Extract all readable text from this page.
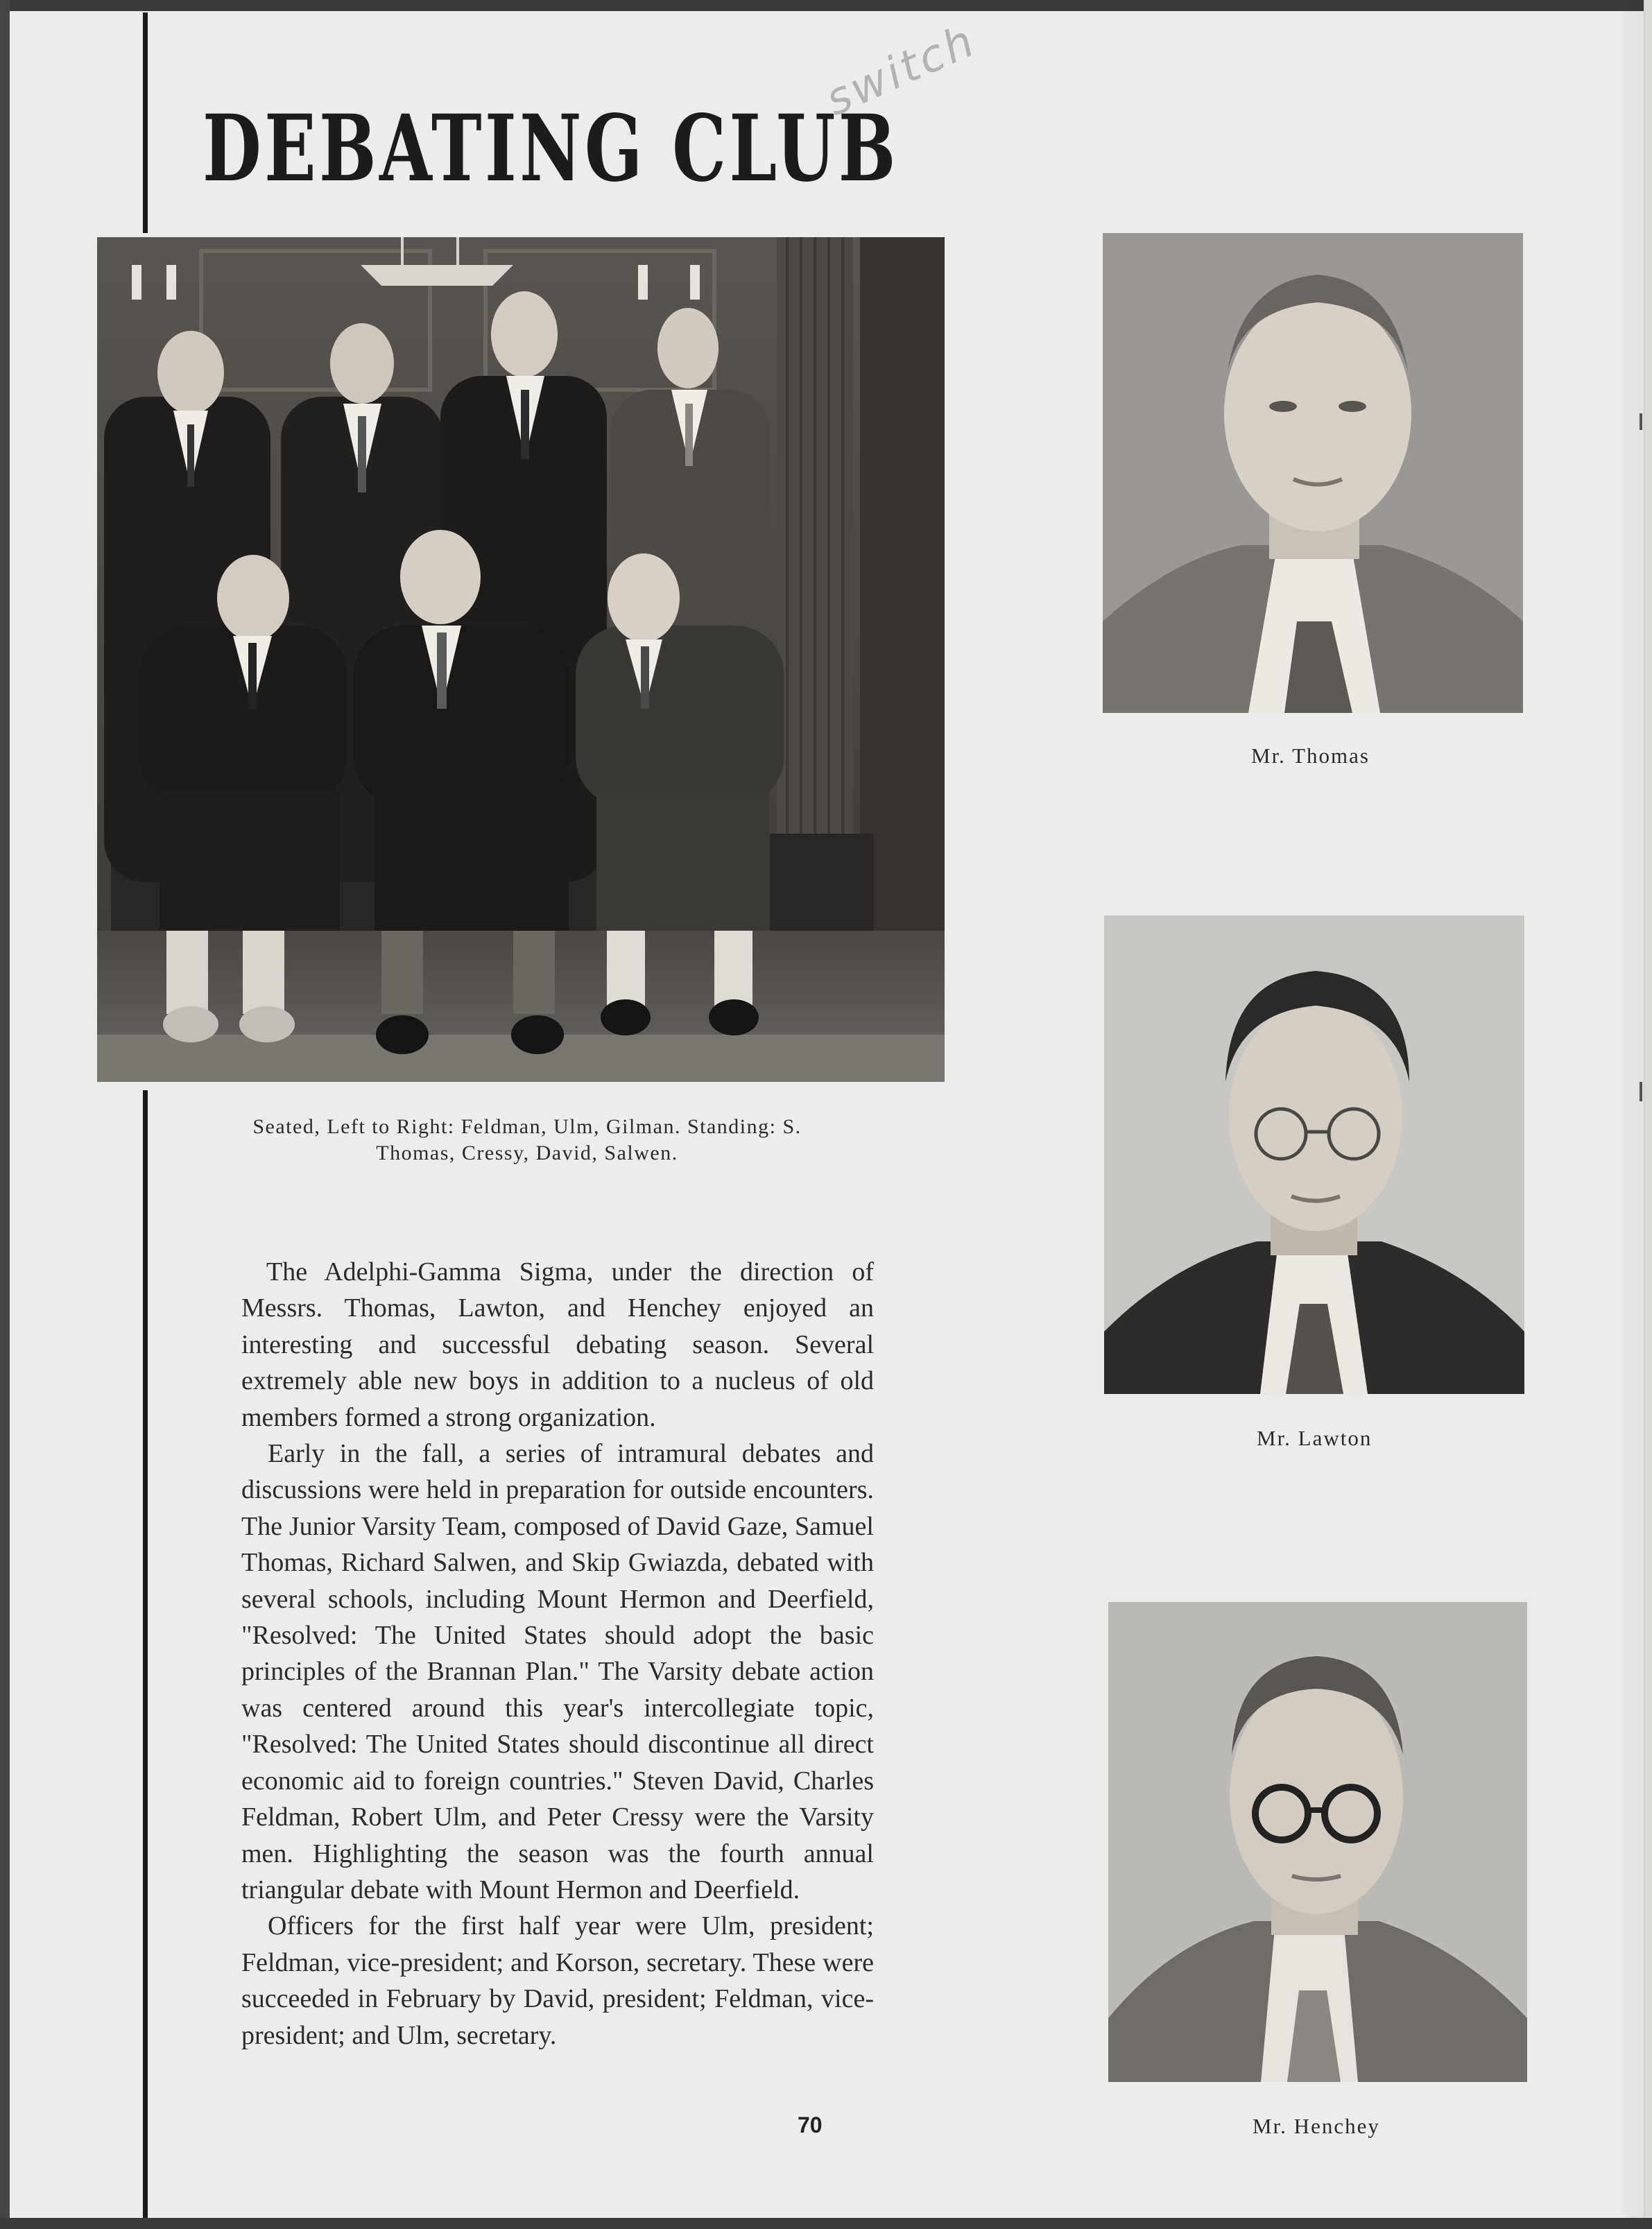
DEBATING CLUB
switch
Seated, Left to Right: Feldman, Ulm, Gilman. Standing: S.
Thomas, Cressy, David, Salwen.
Mr. Thomas
Mr. Lawton
Mr. Henchey

The Adelphi-Gamma Sigma, under the direction of Messrs. Thomas, Lawton, and Henchey enjoyed an interesting and successful debating season. Several extremely able new boys in addition to a nucleus of old members formed a strong organization.

Early in the fall, a series of intramural debates and discussions were held in preparation for outside encounters. The Junior Varsity Team, composed of David Gaze, Samuel Thomas, Richard Salwen, and Skip Gwiazda, debated with several schools, including Mount Hermon and Deerfield, "Resolved: The United States should adopt the basic principles of the Brannan Plan." The Varsity debate action was centered around this year's intercollegiate topic, "Resolved: The United States should discontinue all direct economic aid to foreign countries." Steven David, Charles Feldman, Robert Ulm, and Peter Cressy were the Varsity men. Highlighting the season was the fourth annual triangular debate with Mount Hermon and Deerfield.

Officers for the first half year were Ulm, president; Feldman, vice-president; and Korson, secretary. These were succeeded in February by David, president; Feldman, vice-president; and Ulm, secretary.

70
